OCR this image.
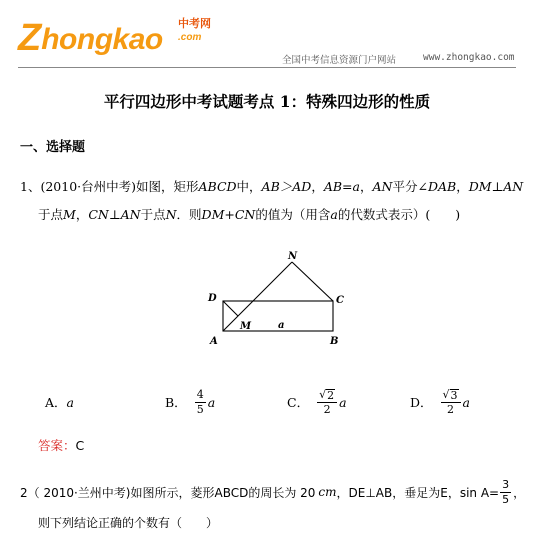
Z hongkao 中考网
.com
全国中考信息资源门户网站	www.zhongkao.com
平行四边形中考试题考点 1：特殊四边形的性质
一、选择题
1、(2010·台州中考)如图，矩形ABCD中，AB＞AD，AB=a，AN平分∠DAB，DM⊥AN
于点M，CN⊥AN于点N．则DM+CN的值为（用含a的代数式表示）(　　)
N
D	C
M	a
A	B
A． a	B． $\frac{4}{5}$ a	C． $\frac{√ 2}{2}$ a	D． $\frac{√ 3}{2}$ a
答案：C
2（ 2010·兰州中考)如图所示，菱形ABCD的周长为 20 cm ，DE⊥AB，垂足为E，$\sin A= \frac{3}{5}$ ，
则下列结论正确的个数有（　　）
